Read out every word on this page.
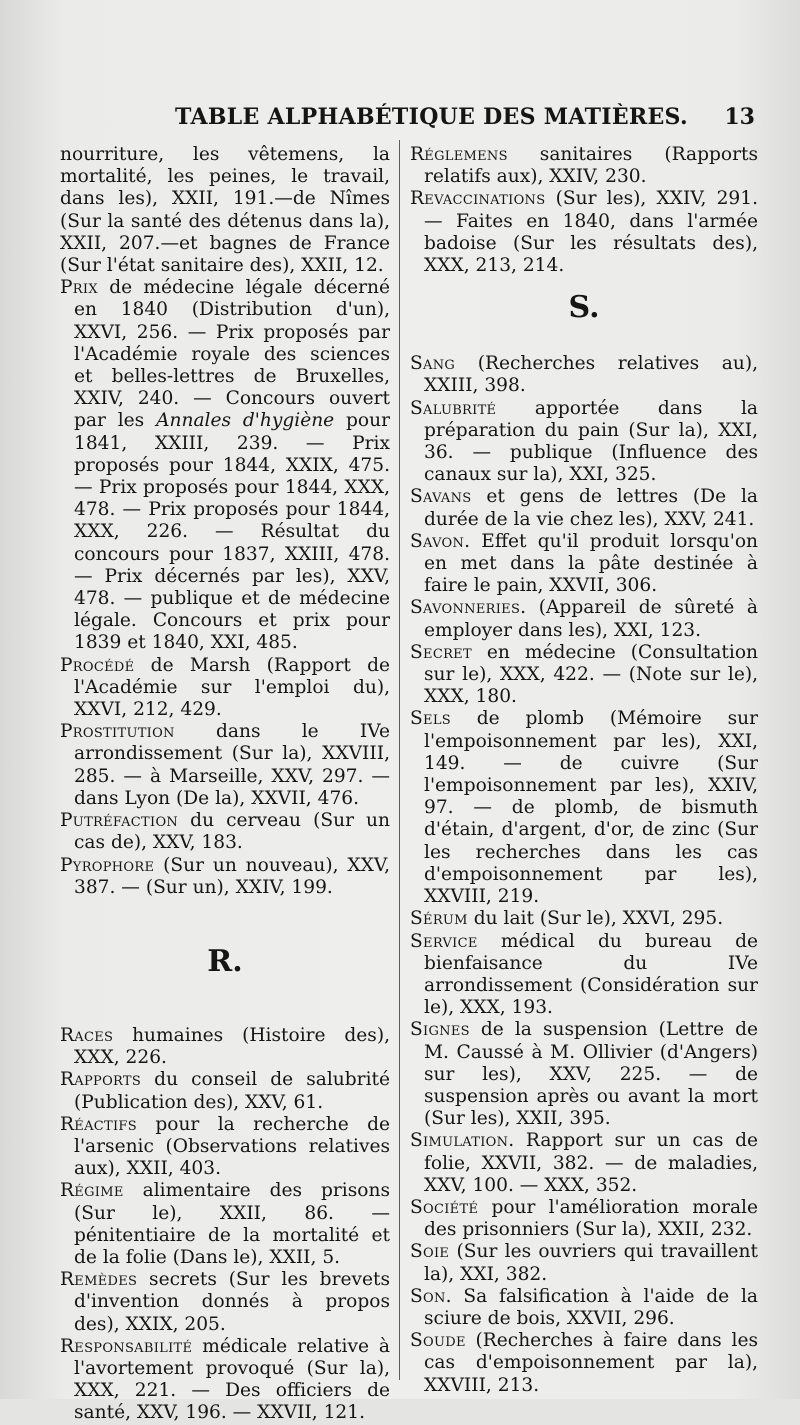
TABLE ALPHABÉTIQUE DES MATIÈRES. 13

nourriture, les vêtemens, la mortalité, les peines, le travail, dans les), XXII, 191.—de Nîmes (Sur la santé des détenus dans la), XXII, 207.—et bagnes de France (Sur l'état sanitaire des), XXII, 12.

Prix de médecine légale décerné en 1840 (Distribution d'un), XXVI, 256. — Prix proposés par l'Académie royale des sciences et belles-lettres de Bruxelles, XXIV, 240. — Concours ouvert par les Annales d'hygiène pour 1841, XXIII, 239. — Prix proposés pour 1844, XXIX, 475. — Prix proposés pour 1844, XXX, 478. — Prix proposés pour 1844, XXX, 226. — Résultat du concours pour 1837, XXIII, 478. — Prix décernés par les), XXV, 478. — publique et de médecine légale. Concours et prix pour 1839 et 1840, XXI, 485.

Procédé de Marsh (Rapport de l'Académie sur l'emploi du), XXVI, 212, 429.

Prostitution dans le IVe arrondissement (Sur la), XXVIII, 285. — à Marseille, XXV, 297. — dans Lyon (De la), XXVII, 476.

Putréfaction du cerveau (Sur un cas de), XXV, 183.

Pyrophore (Sur un nouveau), XXV, 387. — (Sur un), XXIV, 199.

R.

Races humaines (Histoire des), XXX, 226.

Rapports du conseil de salubrité (Publication des), XXV, 61.

Réactifs pour la recherche de l'arsenic (Observations relatives aux), XXII, 403.

Régime alimentaire des prisons (Sur le), XXII, 86. — pénitentiaire de la mortalité et de la folie (Dans le), XXII, 5.

Remèdes secrets (Sur les brevets d'invention donnés à propos des), XXIX, 205.

Responsabilité médicale relative à l'avortement provoqué (Sur la), XXX, 221. — Des officiers de santé, XXV, 196. — XXVII, 121.

Réglemens sanitaires (Rapports relatifs aux), XXIV, 230.

Revaccinations (Sur les), XXIV, 291. — Faites en 1840, dans l'armée badoise (Sur les résultats des), XXX, 213, 214.

S.

Sang (Recherches relatives au), XXIII, 398.

Salubrité apportée dans la préparation du pain (Sur la), XXI, 36. — publique (Influence des canaux sur la), XXI, 325.

Savans et gens de lettres (De la durée de la vie chez les), XXV, 241.

Savon. Effet qu'il produit lorsqu'on en met dans la pâte destinée à faire le pain, XXVII, 306.

Savonneries. (Appareil de sûreté à employer dans les), XXI, 123.

Secret en médecine (Consultation sur le), XXX, 422. — (Note sur le), XXX, 180.

Sels de plomb (Mémoire sur l'empoisonnement par les), XXI, 149. — de cuivre (Sur l'empoisonnement par les), XXIV, 97. — de plomb, de bismuth d'étain, d'argent, d'or, de zinc (Sur les recherches dans les cas d'empoisonnement par les), XXVIII, 219.

Sérum du lait (Sur le), XXVI, 295.

Service médical du bureau de bienfaisance du IVe arrondissement (Considération sur le), XXX, 193.

Signes de la suspension (Lettre de M. Caussé à M. Ollivier (d'Angers) sur les), XXV, 225. — de suspension après ou avant la mort (Sur les), XXII, 395.

Simulation. Rapport sur un cas de folie, XXVII, 382. — de maladies, XXV, 100. — XXX, 352.

Société pour l'amélioration morale des prisonniers (Sur la), XXII, 232.

Soie (Sur les ouvriers qui travaillent la), XXI, 382.

Son. Sa falsification à l'aide de la sciure de bois, XXVII, 296.

Soude (Recherches à faire dans les cas d'empoisonnement par la), XXVIII, 213.
